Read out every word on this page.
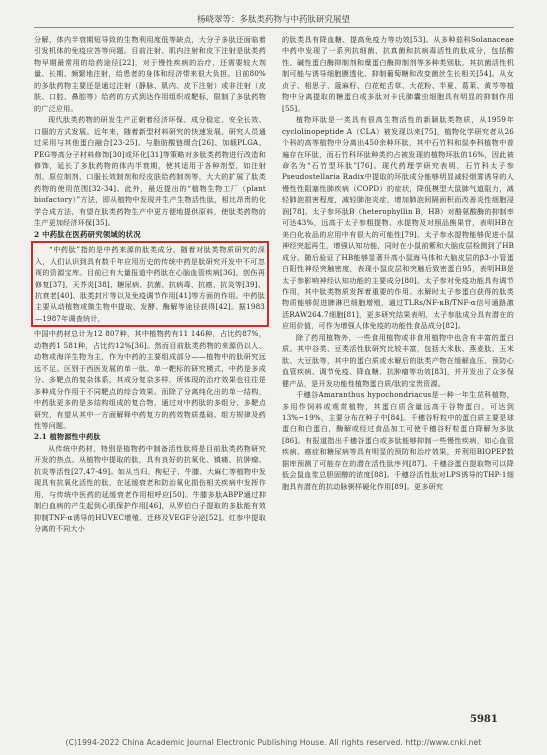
杨晓翠等：多肽类药物与中药肽研究展望

分解，体内半衰期短导致的生物利用度低等缺点，大分子多肽还面临着引发机体的免疫应答等问题。目前注射、肌内注射和皮下注射是肽类药物早期最常用的给药途径[22]，对于慢性疾病的治疗，还需要较大剂量、长期、频繁地注射，给患者的身体和经济带来很大负担。目前80%的多肽药物主要还是通过注射（静脉、肌内、皮下注射）或非注射（皮肤、口腔、鼻腔等）给药的方式到达作用组织或靶标，限制了多肽药物的广泛应用。

现代肽类药物的研发生产正朝着经济环保、成分稳定、安全长效、口服的方式发展。近年来，随着新型材料研究的快速发展，研究人员通过采用与其他蛋白融合[23-25]、与脂肪酸链缀合[26]、加载PLGA、PEG等高分子材料修饰[30]或环化[31]等策略对多肽类药物进行改造和修饰，延长了多肽药物的体内半衰期，使其适用于各种剂型，如注射剂、原位制剂、口服长效制剂和经皮肤给药制剂等，大大的扩展了肽类药物的使用范围[32-34]。此外，最近提出的“植物生物工厂（plant biofactory）”方法，即从植物中发现并生产生物活性肽，相比昂贵的化学合成方法，有望在肽类药物生产中更方便地提供原料，使肽类药物的生产更加经济环保[35]。

2 中药肽在医药研究领域的状况

“中药肽”指的是中药来源的肽类成分，随着对肽类物质研究的深入，人们认识到具有数千年应用历史的传统中药是肽研究开发中不可忽视的资源宝库。目前已有大量报道中药肽在心脑血管疾病[36]、创伤再修复[37]、天芥炎[38]、糖尿病、抗菌、抗病毒、抗癌、抗炎等[39]、抗衰老[40]、肽类封片等以及免疫调节作用[41]等方面的作用。中药肽主要从动植物或微生物中提取、发酵、酶解等途径获得[42]。据1983—1987年调查统计，

中国中药材总计为12 807种，其中植物药有11 146种，占比约87%，动物药1 581种，占比约12%[36]。然而目前肽类药物的来源仍以人、动物或海洋生物为主，作为中药的主要组成部分——植物中的肽研究远远不足。区别于西医发展的单一肽、单一靶标的研究模式，中药是多成分、多靶点的复杂体系，其成分复杂多样，所体现的治疗效果也往往是多种成分作用于不同靶点的综合效果。而除了分离纯化出的单一结构，中药肽更多的是多结构组成的复合物，通过对中药肽的多组分、多靶点研究，有望从其中一方面解释中药复方的药效物质基础、组方规律及药性等问题。

2.1 植物源性中药肽

从传统中药材，特别是植物药中制备活性肽将是目前肽类药物研究开发的热点。从植物中提取的肽，具有良好的抗氧化、镇痛、抗肿瘤、抗炎等活性[27,47-49]。如从当归、枸杞子、牛膝、大麻仁等植物中发现具有抗氧化活性的肽，在延缓衰老和防治氧化损伤相关疾病中发挥作用，与传统中医药的延缓衰老作用相呼应[50]。牛膝多肽ABPP通过抑制白血病的产生起到心肌保护作用[46]，从罗伯白子提取的多肽能有效抑制TNF-α诱导的HUVEC增殖、迁移及VEGF分泌[52]。红参中提取分离的不同大小

的肽类具有降血糖、提高免疫力等功效[53]。从多种茄科Solanaceae中药中发现了一系列抗细菌、抗真菌和抗病毒活性的肽成分，包括酸性、碱性蛋白酶抑制剂和糜蛋白酶抑制剂等多种类别肽，其抗菌活性机制可能与诱导细胞膜透化、抑制葡萄糖和改变菌丝生长相关[54]。从女贞子、相思子、蔻麻籽、白花蛇舌草、大花粉、半夏、葛莱、黄芩等植物中分离提取的糖蛋白或多肽对卡氏肺囊虫细胞具有明显的抑制作用[55]。

植物环肽是一类具有很高生物活性的新颖肽类物质，从1959年cyclolinopeptide A（CLA）被发现以来[75]，植物化学研究者从26个科的高等植物中分离出450余种环肽，其中石竹科和鼠李科植物中普遍存在环肽，而石竹科环肽种类约占被发现的植物环肽的16%，因此被命名为“石竹型环肽”[76]。现代药理学研究表明，石竹科太子参Pseudostellaria Radix中提取的环肽成分能够明显减轻烟雾诱导的人慢性性阻塞性肺疾病（COPD）的症状，降低模型大鼠肺气道阻力，减轻肺泡损害程度，减轻肺泡炎症，增加肺泡间隔面积而改善炎性细胞浸润[78]。太子参环肽B（heterophyllin B，HB）对酪氨酸酶的抑制率可达43%，远高于太子参粗提物、水提物及对照品熊果苷，表明HB在美白化妆品的应用中有很大的可能性[79]。太子参水提物能够促进小鼠神经突起再生，增强认知功能，同时在小鼠前紫和大脑皮层检测到了HB成分。随后验证了HB能够显著升高小鼠海马体和大脑皮层的β3-小管蛋白阳性神经突触密度，表现小鼠皮层和突触后致密蛋白95，表明HB是太子参影响神经认知功能的主要成分[80]。太子参对免疫功能具有调节作用，其中肽类物质发挥着重要的作用。水解时太子参蛋白获得的肽类物质能够促进脾淋巴细胞增殖，通过TLRs/NF-κB/TNF-α信号通路激活RAW264.7细胞[81]，更多研究结果表明，太子参肽成分具有潜在的应用价值，可作为增强人体免疫的功能性食品成分[82]。

除了药用植物外，一些食用植物或非食用植物中也含有丰富的蛋白质。其中谷类、豆类活性肽研究比较丰富，包括大米肽、燕麦肽、玉米肽、大豆肽等，其中的蛋白质或水解后的肽类产物在缓解血压、预防心血管疾病、调节免疫、降血糖、抗肿瘤等功效[83]，并开发出了众多保健产品，是开发功能性植物蛋白质/肽的宝贵资源。

千穗谷Amaranthus hypochondriacus是一种一年生苋科植物，多用作饲料或观赏植物，其蛋白质含量远高于谷物蛋白，可达到13%~19%，主要分布在种子中[84]。千穗谷籽粒中的蛋白质主要是球蛋白和白蛋白，酶解或经过食品加工可使千穗谷籽粒蛋白降解为多肽[86]。有报道指出千穗谷蛋白或多肽能够抑制一些慢性疾病，如心血管疾病、癌症和糖尿病等具有明显的预防和治疗效果，并利用BIOPEP数据库预测了可能存在的潜在活性肽序列[87]。千穗谷蛋白提取物可以降低会鼠血浆总胆固醇的浓度[88]。千穗谷活性肽对LPS诱导的THP-1细胞具有潜在的抗动脉粥样硬化作用[89]。更多研究

5981
(C)1994-2022 China Academic Journal Electronic Publishing House. All rights reserved. http://www.cnki.net
